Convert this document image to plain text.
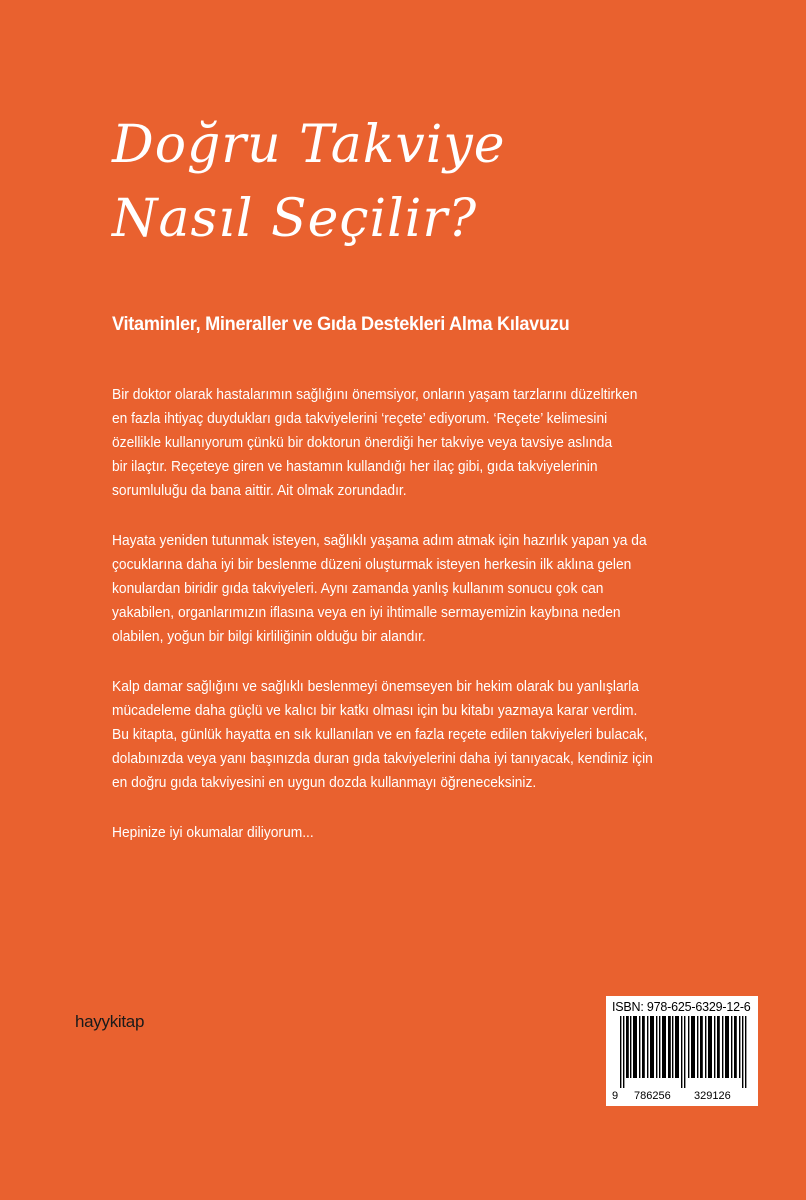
Doğru Takviye
Nasıl Seçilir?
Vitaminler, Mineraller ve Gıda Destekleri Alma Kılavuzu

Bir doktor olarak hastalarımın sağlığını önemsiyor, onların yaşam tarzlarını düzeltirken
en fazla ihtiyaç duydukları gıda takviyelerini ‘reçete’ ediyorum. ‘Reçete’ kelimesini
özellikle kullanıyorum çünkü bir doktorun önerdiği her takviye veya tavsiye aslında
bir ilaçtır. Reçeteye giren ve hastamın kullandığı her ilaç gibi, gıda takviyelerinin
sorumluluğu da bana aittir. Ait olmak zorundadır.

Hayata yeniden tutunmak isteyen, sağlıklı yaşama adım atmak için hazırlık yapan ya da
çocuklarına daha iyi bir beslenme düzeni oluşturmak isteyen herkesin ilk aklına gelen
konulardan biridir gıda takviyeleri. Aynı zamanda yanlış kullanım sonucu çok can
yakabilen, organlarımızın iflasına veya en iyi ihtimalle sermayemizin kaybına neden
olabilen, yoğun bir bilgi kirliliğinin olduğu bir alandır.

Kalp damar sağlığını ve sağlıklı beslenmeyi önemseyen bir hekim olarak bu yanlışlarla
mücadeleme daha güçlü ve kalıcı bir katkı olması için bu kitabı yazmaya karar verdim.
Bu kitapta, günlük hayatta en sık kullanılan ve en fazla reçete edilen takviyeleri bulacak,
dolabınızda veya yanı başınızda duran gıda takviyelerini daha iyi tanıyacak, kendiniz için
en doğru gıda takviyesini en uygun dozda kullanmayı öğreneceksiniz.

Hepinize iyi okumalar diliyorum...

hayykitap
ISBN: 978-625-6329-12-6
9 786256 329126
